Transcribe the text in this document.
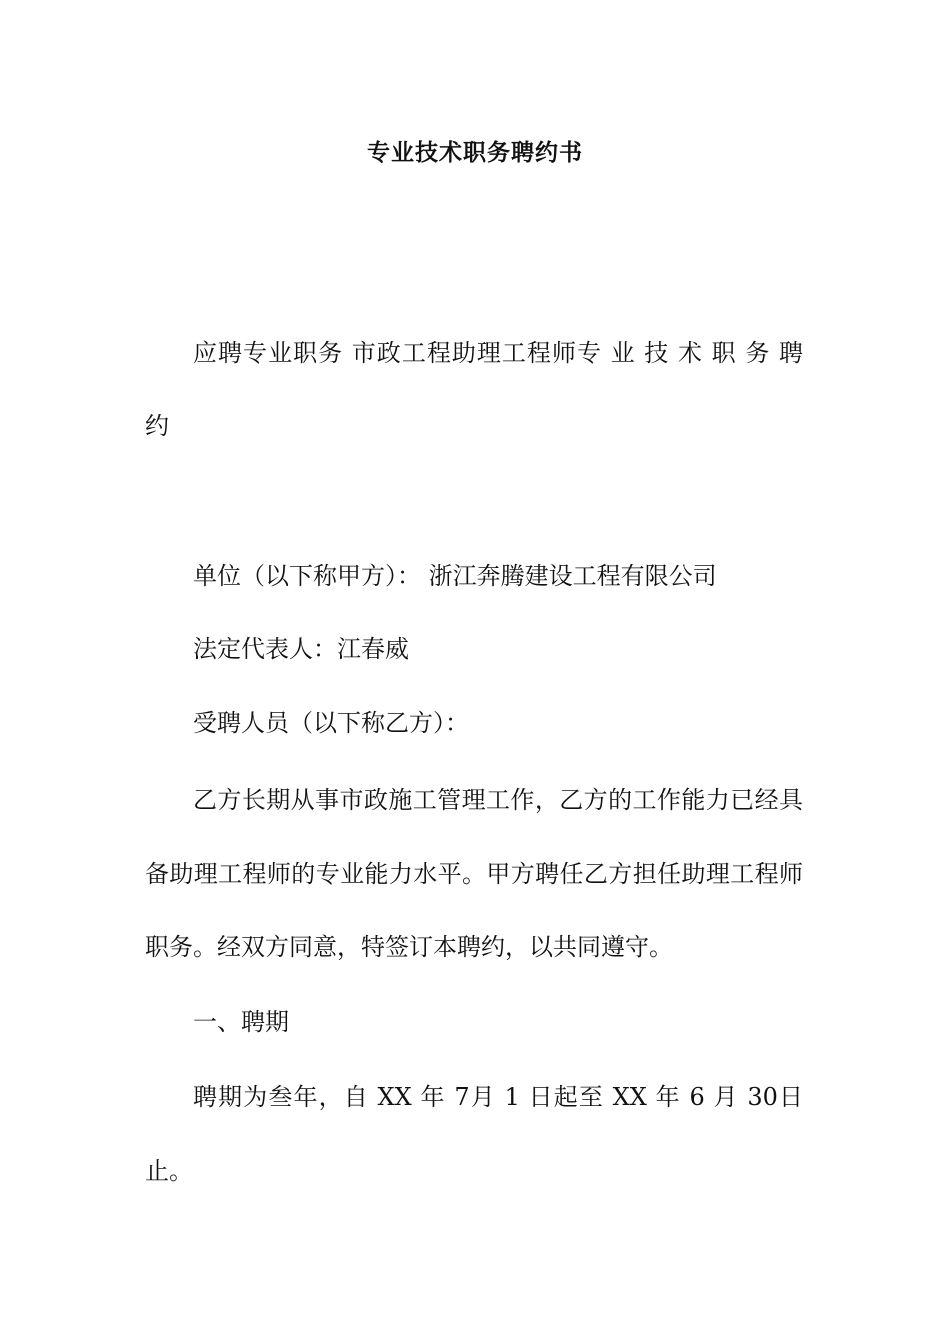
专业技术职务聘约书
应聘专业职务 市政工程助理工程师专 业 技 术 职 务 聘
约
单位（以下称甲方）： 浙江奔腾建设工程有限公司
法定代表人：江春威
受聘人员（以下称乙方）：
乙方长期从事市政施工管理工作，乙方的工作能力已经具
备助理工程师的专业能力水平。甲方聘任乙方担任助理工程师
职务。经双方同意，特签订本聘约，以共同遵守。
一、聘期
聘期为叁年，自 XX 年 7月 1 日起至 XX 年 6 月 30日
止。
